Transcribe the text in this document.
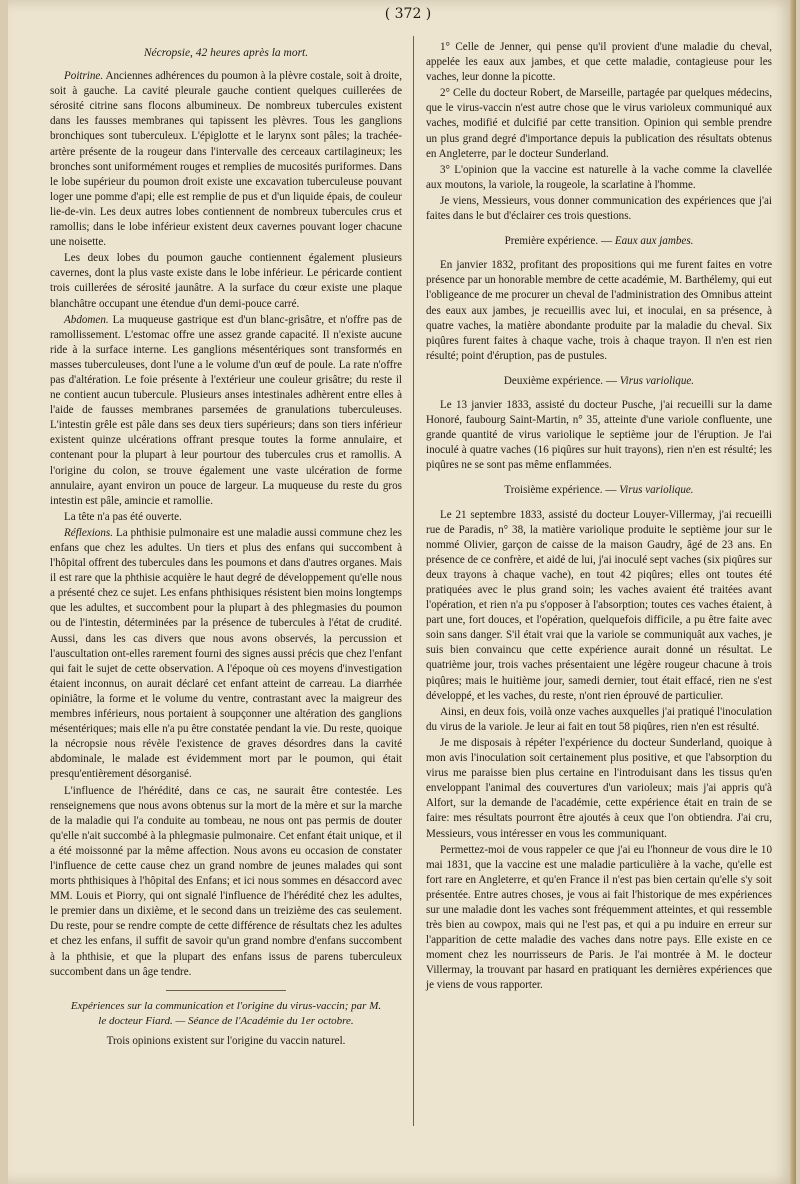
( 372 )

Nécropsie, 42 heures après la mort.

Poitrine. Anciennes adhérences du poumon à la plèvre costale, soit à droite, soit à gauche. La cavité pleurale gauche contient quelques cuillerées de sérosité citrine sans flocons albumineux. De nombreux tubercules existent dans les fausses membranes qui tapissent les plèvres. Tous les ganglions bronchiques sont tuberculeux. L'épiglotte et le larynx sont pâles; la trachée-artère présente de la rougeur dans l'intervalle des cerceaux cartilagineux; les bronches sont uniformément rouges et remplies de mucosités puriformes. Dans le lobe supérieur du poumon droit existe une excavation tuberculeuse pouvant loger une pomme d'api; elle est remplie de pus et d'un liquide épais, de couleur lie-de-vin. Les deux autres lobes contiennent de nombreux tubercules crus et ramollis; dans le lobe inférieur existent deux cavernes pouvant loger chacune une noisette.

Les deux lobes du poumon gauche contiennent également plusieurs cavernes, dont la plus vaste existe dans le lobe inférieur. Le péricarde contient trois cuillerées de sérosité jaunâtre. A la surface du cœur existe une plaque blanchâtre occupant une étendue d'un demi-pouce carré.

Abdomen. La muqueuse gastrique est d'un blanc-grisâtre, et n'offre pas de ramollissement. L'estomac offre une assez grande capacité. Il n'existe aucune ride à la surface interne. Les ganglions mésentériques sont transformés en masses tuberculeuses, dont l'une a le volume d'un œuf de poule. La rate n'offre pas d'altération. Le foie présente à l'extérieur une couleur grisâtre; du reste il ne contient aucun tubercule. Plusieurs anses intestinales adhèrent entre elles à l'aide de fausses membranes parsemées de granulations tuberculeuses. L'intestin grêle est pâle dans ses deux tiers supérieurs; dans son tiers inférieur existent quinze ulcérations offrant presque toutes la forme annulaire, et contenant pour la plupart à leur pourtour des tubercules crus et ramollis. A l'origine du colon, se trouve également une vaste ulcération de forme annulaire, ayant environ un pouce de largeur. La muqueuse du reste du gros intestin est pâle, amincie et ramollie.

La tête n'a pas été ouverte.

Réflexions. La phthisie pulmonaire est une maladie aussi commune chez les enfans que chez les adultes. Un tiers et plus des enfans qui succombent à l'hôpital offrent des tubercules dans les poumons et dans d'autres organes. Mais il est rare que la phthisie acquière le haut degré de développement qu'elle nous a présenté chez ce sujet. Les enfans phthisiques résistent bien moins longtemps que les adultes, et succombent pour la plupart à des phlegmasies du poumon ou de l'intestin, déterminées par la présence de tubercules à l'état de crudité. Aussi, dans les cas divers que nous avons observés, la percussion et l'auscultation ont-elles rarement fourni des signes aussi précis que chez l'enfant qui fait le sujet de cette observation. A l'époque où ces moyens d'investigation étaient inconnus, on aurait déclaré cet enfant atteint de carreau. La diarrhée opiniâtre, la forme et le volume du ventre, contrastant avec la maigreur des membres inférieurs, nous portaient à soupçonner une altération des ganglions mésentériques; mais elle n'a pu être constatée pendant la vie. Du reste, quoique la nécropsie nous révèle l'existence de graves désordres dans la cavité abdominale, le malade est évidemment mort par le poumon, qui était presqu'entièrement désorganisé.

L'influence de l'hérédité, dans ce cas, ne saurait être contestée. Les renseignemens que nous avons obtenus sur la mort de la mère et sur la marche de la maladie qui l'a conduite au tombeau, ne nous ont pas permis de douter qu'elle n'ait succombé à la phlegmasie pulmonaire. Cet enfant était unique, et il a été moissonné par la même affection. Nous avons eu occasion de constater l'influence de cette cause chez un grand nombre de jeunes malades qui sont morts phthisiques à l'hôpital des Enfans; et ici nous sommes en désaccord avec MM. Louis et Piorry, qui ont signalé l'influence de l'hérédité chez les adultes, le premier dans un dixième, et le second dans un treizième des cas seulement. Du reste, pour se rendre compte de cette différence de résultats chez les adultes et chez les enfans, il suffit de savoir qu'un grand nombre d'enfans succombent à la phthisie, et que la plupart des enfans issus de parens tuberculeux succombent dans un âge tendre.

Expériences sur la communication et l'origine du virus-vaccin; par M.

le docteur Fiard. — Séance de l'Académie du 1er octobre.

Trois opinions existent sur l'origine du vaccin naturel.

1° Celle de Jenner, qui pense qu'il provient d'une maladie du cheval, appelée les eaux aux jambes, et que cette maladie, contagieuse pour les vaches, leur donne la picotte.

2° Celle du docteur Robert, de Marseille, partagée par quelques médecins, que le virus-vaccin n'est autre chose que le virus varioleux communiqué aux vaches, modifié et dulcifié par cette transition. Opinion qui semble prendre un plus grand degré d'importance depuis la publication des résultats obtenus en Angleterre, par le docteur Sunderland.

3° L'opinion que la vaccine est naturelle à la vache comme la clavellée aux moutons, la variole, la rougeole, la scarlatine à l'homme.

Je viens, Messieurs, vous donner communication des expériences que j'ai faites dans le but d'éclairer ces trois questions.

Première expérience. — Eaux aux jambes.

En janvier 1832, profitant des propositions qui me furent faites en votre présence par un honorable membre de cette académie, M. Barthélemy, qui eut l'obligeance de me procurer un cheval de l'administration des Omnibus atteint des eaux aux jambes, je recueillis avec lui, et inoculai, en sa présence, à quatre vaches, la matière abondante produite par la maladie du cheval. Six piqûres furent faites à chaque vache, trois à chaque trayon. Il n'en est rien résulté; point d'éruption, pas de pustules.

Deuxième expérience. — Virus variolique.

Le 13 janvier 1833, assisté du docteur Pusche, j'ai recueilli sur la dame Honoré, faubourg Saint-Martin, n° 35, atteinte d'une variole confluente, une grande quantité de virus variolique le septième jour de l'éruption. Je l'ai inoculé à quatre vaches (16 piqûres sur huit trayons), rien n'en est résulté; les piqûres ne se sont pas même enflammées.

Troisième expérience. — Virus variolique.

Le 21 septembre 1833, assisté du docteur Louyer-Villermay, j'ai recueilli rue de Paradis, n° 38, la matière variolique produite le septième jour sur le nommé Olivier, garçon de caisse de la maison Gaudry, âgé de 23 ans. En présence de ce confrère, et aidé de lui, j'ai inoculé sept vaches (six piqûres sur deux trayons à chaque vache), en tout 42 piqûres; elles ont toutes été pratiquées avec le plus grand soin; les vaches avaient été traitées avant l'opération, et rien n'a pu s'opposer à l'absorption; toutes ces vaches étaient, à part une, fort douces, et l'opération, quelquefois difficile, a pu être faite avec soin sans danger. S'il était vrai que la variole se communiquât aux vaches, je suis bien convaincu que cette expérience aurait donné un résultat. Le quatrième jour, trois vaches présentaient une légère rougeur chacune à trois piqûres; mais le huitième jour, samedi dernier, tout était effacé, rien ne s'est développé, et les vaches, du reste, n'ont rien éprouvé de particulier.

Ainsi, en deux fois, voilà onze vaches auxquelles j'ai pratiqué l'inoculation du virus de la variole. Je leur ai fait en tout 58 piqûres, rien n'en est résulté.

Je me disposais à répéter l'expérience du docteur Sunderland, quoique à mon avis l'inoculation soit certainement plus positive, et que l'absorption du virus me paraisse bien plus certaine en l'introduisant dans les tissus qu'en enveloppant l'animal des couvertures d'un varioleux; mais j'ai appris qu'à Alfort, sur la demande de l'académie, cette expérience était en train de se faire: mes résultats pourront être ajoutés à ceux que l'on obtiendra. J'ai cru, Messieurs, vous intéresser en vous les communiquant.

Permettez-moi de vous rappeler ce que j'ai eu l'honneur de vous dire le 10 mai 1831, que la vaccine est une maladie particulière à la vache, qu'elle est fort rare en Angleterre, et qu'en France il n'est pas bien certain qu'elle s'y soit présentée. Entre autres choses, je vous ai fait l'historique de mes expériences sur une maladie dont les vaches sont fréquemment atteintes, et qui ressemble très bien au cowpox, mais qui ne l'est pas, et qui a pu induire en erreur sur l'apparition de cette maladie des vaches dans notre pays. Elle existe en ce moment chez les nourrisseurs de Paris. Je l'ai montrée à M. le docteur Villermay, la trouvant par hasard en pratiquant les dernières expériences que je viens de vous rapporter.
